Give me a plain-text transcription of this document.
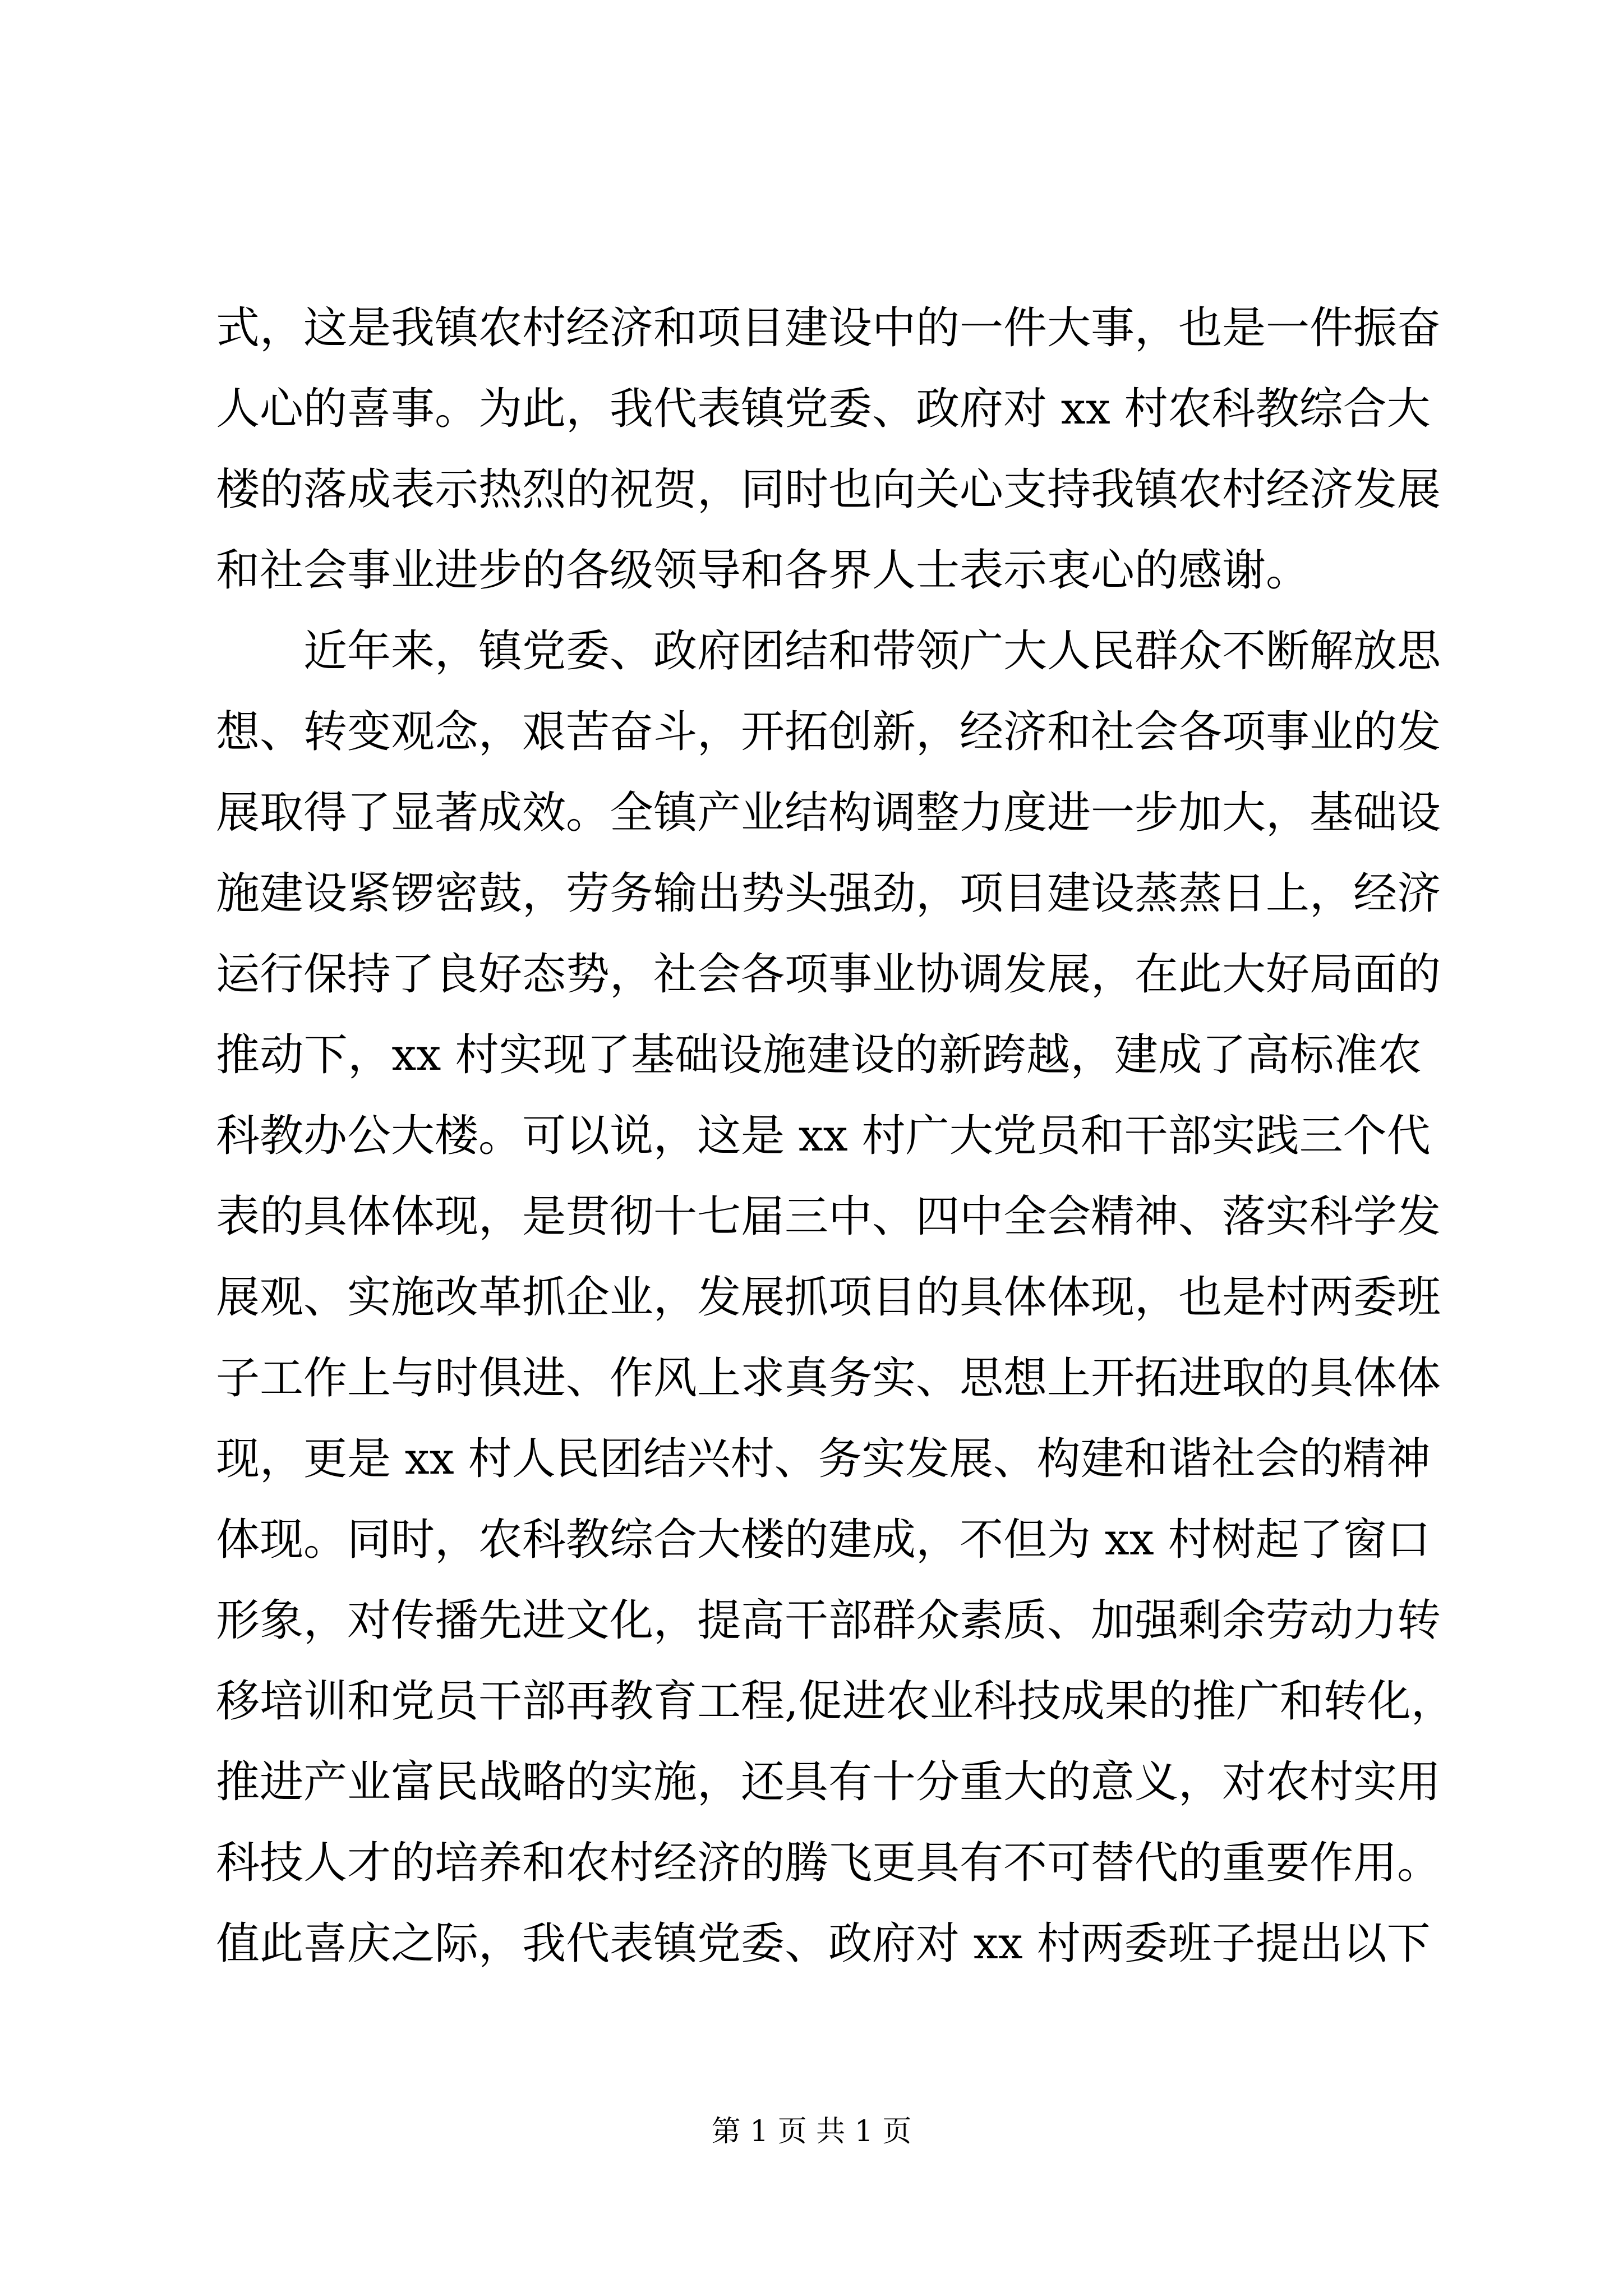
式，这是我镇农村经济和项目建设中的一件大事，也是一件振奋
人心的喜事。为此，我代表镇党委、政府对 xx 村农科教综合大
楼的落成表示热烈的祝贺，同时也向关心支持我镇农村经济发展
和社会事业进步的各级领导和各界人士表示衷心的感谢。
近年来，镇党委、政府团结和带领广大人民群众不断解放思
想、转变观念，艰苦奋斗，开拓创新，经济和社会各项事业的发
展取得了显著成效。全镇产业结构调整力度进一步加大，基础设
施建设紧锣密鼓，劳务输出势头强劲，项目建设蒸蒸日上，经济
运行保持了良好态势，社会各项事业协调发展，在此大好局面的
推动下，xx 村实现了基础设施建设的新跨越，建成了高标准农
科教办公大楼。可以说，这是 xx 村广大党员和干部实践三个代
表的具体体现，是贯彻十七届三中、四中全会精神、落实科学发
展观、实施改革抓企业，发展抓项目的具体体现，也是村两委班
子工作上与时俱进、作风上求真务实、思想上开拓进取的具体体
现，更是 xx 村人民团结兴村、务实发展、构建和谐社会的精神
体现。同时，农科教综合大楼的建成，不但为 xx 村树起了窗口
形象，对传播先进文化，提高干部群众素质、加强剩余劳动力转
移培训和党员干部再教育工程,促进农业科技成果的推广和转化，
推进产业富民战略的实施，还具有十分重大的意义，对农村实用
科技人才的培养和农村经济的腾飞更具有不可替代的重要作用。
值此喜庆之际，我代表镇党委、政府对 xx 村两委班子提出以下
第 1 页 共 1 页
